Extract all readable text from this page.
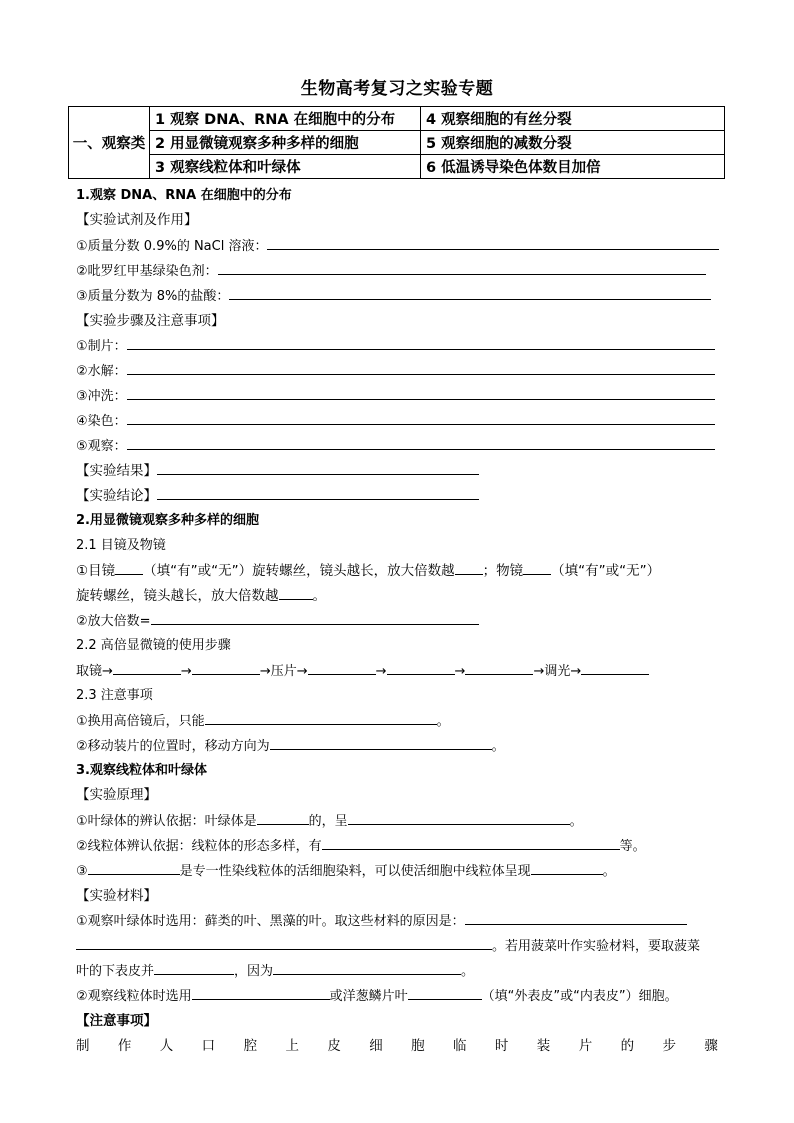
生物高考复习之实验专题
一、观察类	1 观察 DNA、RNA 在细胞中的分布	4 观察细胞的有丝分裂
	2 用显微镜观察多种多样的细胞	5 观察细胞的减数分裂
	3 观察线粒体和叶绿体	6 低温诱导染色体数目加倍
1.观察 DNA、RNA 在细胞中的分布
【实验试剂及作用】
①质量分数 0.9%的 NaCl 溶液：
②吡罗红甲基绿染色剂：
③质量分数为 8%的盐酸：
【实验步骤及注意事项】
①制片：
②水解：
③冲洗：
④染色：
⑤观察：
【实验结果】
【实验结论】
2.用显微镜观察多种多样的细胞
2.1 目镜及物镜
①目镜 （填“有”或“无”）旋转螺丝，镜头越长，放大倍数越 ；物镜 （填“有”或“无”）
旋转螺丝，镜头越长，放大倍数越	。
②放大倍数=
2.2 高倍显微镜的使用步骤
取镜→	→	→压片→	→	→	→调光→
2.3 注意事项
①换用高倍镜后，只能	。
②移动装片的位置时，移动方向为	。
3.观察线粒体和叶绿体
【实验原理】
①叶绿体的辨认依据：叶绿体是	的，呈	。
②线粒体辨认依据：线粒体的形态多样，有	等。
③	是专一性染线粒体的活细胞染料，可以使活细胞中线粒体呈现	。
【实验材料】
①观察叶绿体时选用：藓类的叶、黑藻的叶。取这些材料的原因是：
。若用菠菜叶作实验材料，要取菠菜
叶的下表皮并	，因为	。
②观察线粒体时选用	或洋葱鳞片叶	（填“外表皮”或“内表皮”）细胞。
【注意事项】
制 作 人 口 腔 上 皮 细 胞 临 时 装 片 的 步 骤
